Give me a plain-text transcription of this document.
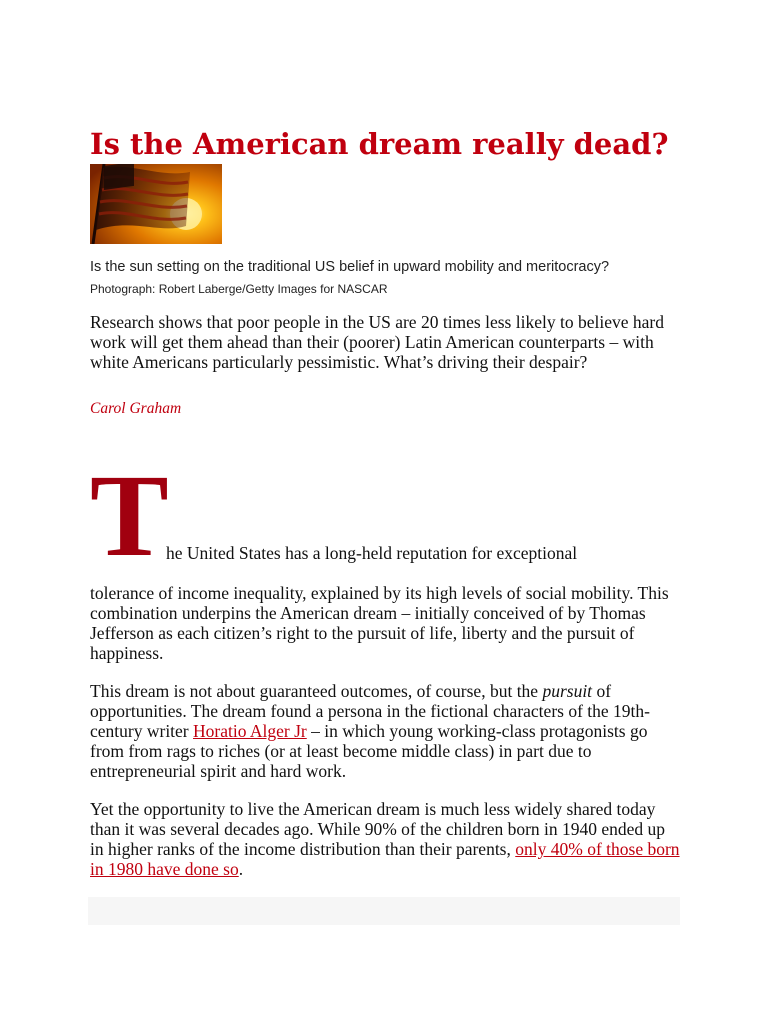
Is the American dream really dead?
Is the sun setting on the traditional US belief in upward mobility and meritocracy? Photograph: Robert Laberge/Getty Images for NASCAR

Research shows that poor people in the US are 20 times less likely to believe hard work will get them ahead than their (poorer) Latin American counterparts – with white Americans particularly pessimistic. What’s driving their despair?

Carol Graham
T
he United States has a long-held reputation for exceptional

tolerance of income inequality, explained by its high levels of social mobility. This combination underpins the American dream – initially conceived of by Thomas Jefferson as each citizen’s right to the pursuit of life, liberty and the pursuit of happiness.

This dream is not about guaranteed outcomes, of course, but the pursuit of opportunities. The dream found a persona in the fictional characters of the 19th-century writer Horatio Alger Jr – in which young working-class protagonists go from from rags to riches (or at least become middle class) in part due to entrepreneurial spirit and hard work.

Yet the opportunity to live the American dream is much less widely shared today than it was several decades ago. While 90% of the children born in 1940 ended up in higher ranks of the income distribution than their parents, only 40% of those born in 1980 have done so.
